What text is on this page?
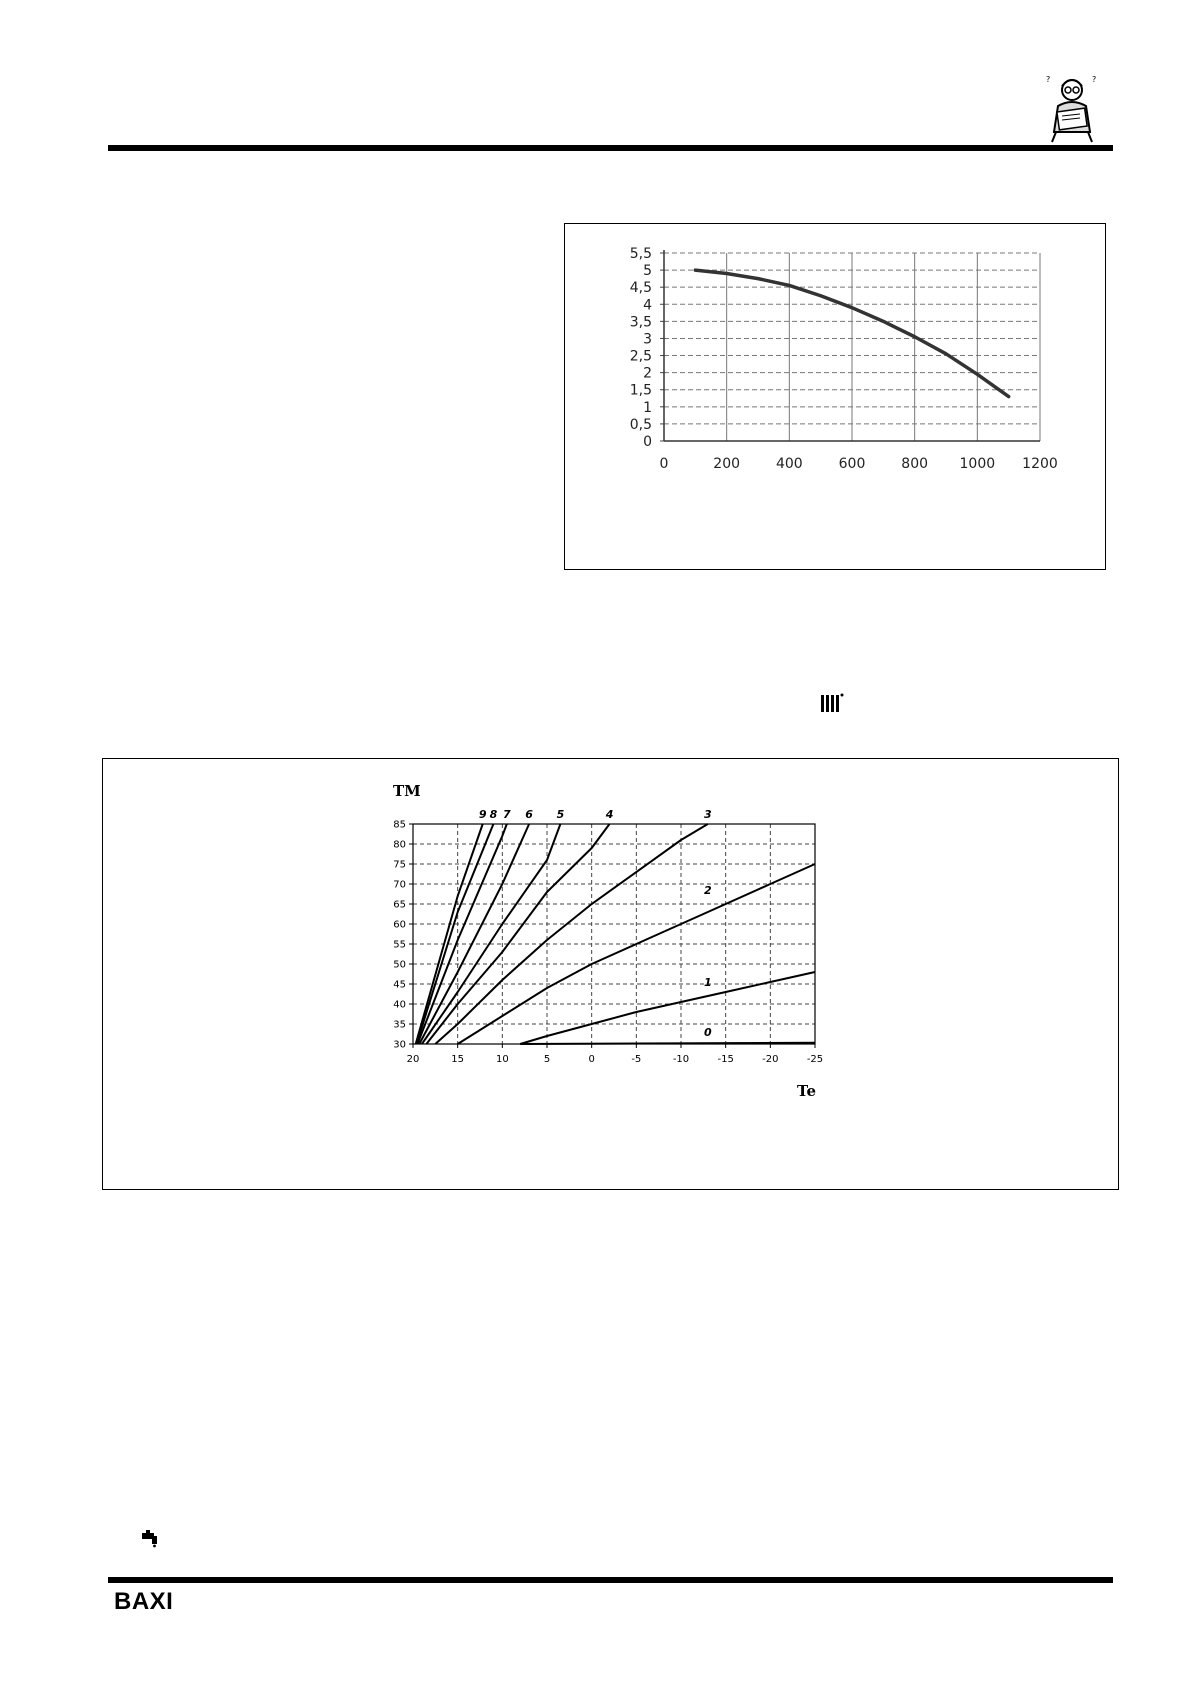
?	?
0	200	400	600	800 1000 1200
0
0,5
1
1,5
2
2,5
3
3,5
4
4,5
5
5,5
20	15	10	5	0	-5	-10	-15	-20	-25
30
35
40
45
50
55
60
65
70
75
80
85
0
1
2
3
4
5
6
7
8
9
TM
Te
BAXI
